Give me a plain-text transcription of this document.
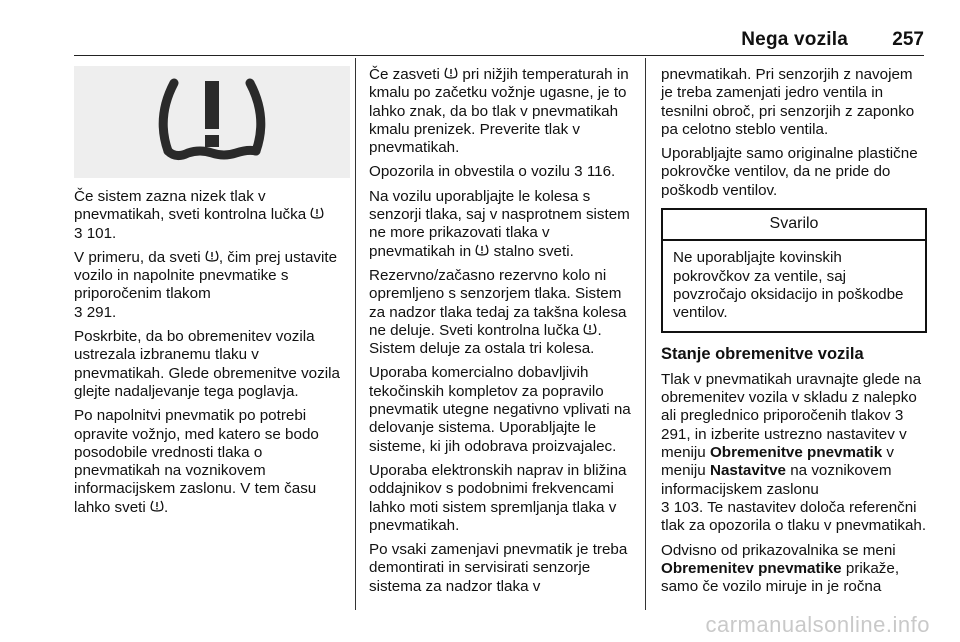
Nega vozila 257

Če sistem zazna nizek tlak v pnevmatikah, sveti kontrolna lučka
3 101.

V primeru, da sveti , čim prej ustavite vozilo in napolnite pnevmatike s priporočenim tlakom
3 291.

Poskrbite, da bo obremenitev vozila ustrezala izbranemu tlaku v pnevmatikah. Glede obremenitve vozila glejte nadaljevanje tega poglavja.

Po napolnitvi pnevmatik po potrebi opravite vožnjo, med katero se bodo posodobile vrednosti tlaka o pnevmatikah na voznikovem informacijskem zaslonu. V tem času lahko sveti .

Če zasveti pri nižjih temperaturah in kmalu po začetku vožnje ugasne, je to lahko znak, da bo tlak v pnevmatikah kmalu prenizek. Preverite tlak v pnevmatikah.

Opozorila in obvestila o vozilu 3 116.

Na vozilu uporabljajte le kolesa s senzorji tlaka, saj v nasprotnem sistem ne more prikazovati tlaka v pnevmatikah in stalno sveti.

Rezervno/začasno rezervno kolo ni opremljeno s senzorjem tlaka. Sistem za nadzor tlaka tedaj za takšna kolesa ne deluje. Sveti kontrolna lučka . Sistem deluje za ostala tri kolesa.

Uporaba komercialno dobavljivih tekočinskih kompletov za popravilo pnevmatik utegne negativno vplivati na delovanje sistema. Uporabljajte le sisteme, ki jih odobrava proizvajalec.

Uporaba elektronskih naprav in bližina oddajnikov s podobnimi frekvencami lahko moti sistem spremljanja tlaka v pnevmatikah.

Po vsaki zamenjavi pnevmatik je treba demontirati in servisirati senzorje sistema za nadzor tlaka v

pnevmatikah. Pri senzorjih z navojem je treba zamenjati jedro ventila in tesnilni obroč, pri senzorjih z zaponko pa celotno steblo ventila.

Uporabljajte samo originalne plastične pokrovčke ventilov, da ne pride do poškodb ventilov.

Svarilo
Ne uporabljajte kovinskih pokrovčkov za ventile, saj povzročajo oksidacijo in poškodbe ventilov.
Stanje obremenitve vozila

Tlak v pnevmatikah uravnajte glede na obremenitev vozila v skladu z nalepko ali preglednico priporočenih tlakov 3 291, in izberite ustrezno nastavitev v meniju Obremenitve pnevmatik v meniju Nastavitve na voznikovem informacijskem zaslonu
3 103. Te nastavitev določa referenčni tlak za opozorila o tlaku v pnevmatikah.

Odvisno od prikazovalnika se meni Obremenitev pnevmatike prikaže, samo če vozilo miruje in je ročna

carmanualsonline.info
